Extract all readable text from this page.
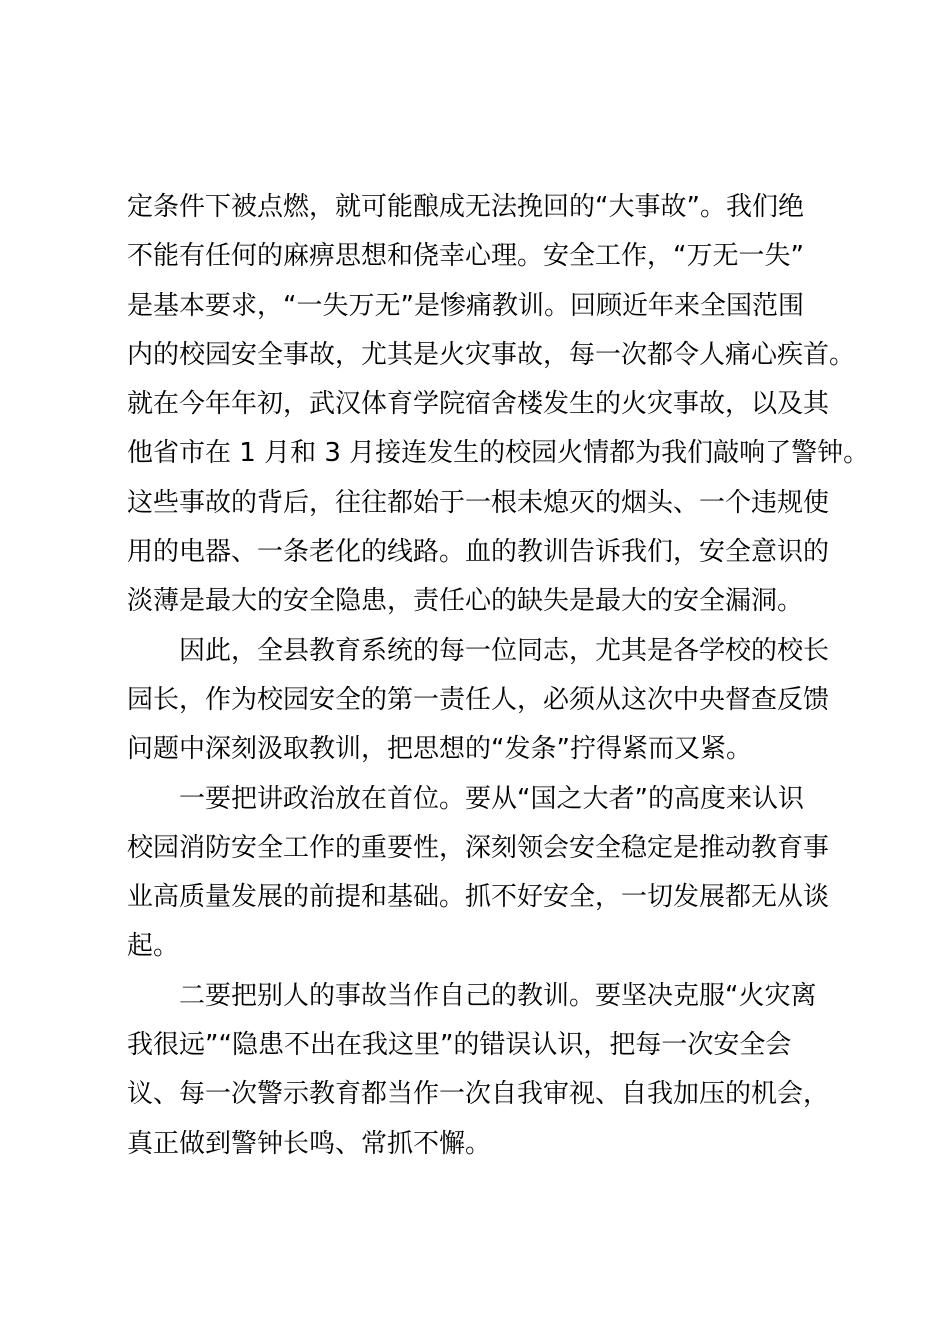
定条件下被点燃，就可能酿成无法挽回的“大事故”。我们绝
不能有任何的麻痹思想和侥幸心理。安全工作，“万无一失”
是基本要求，“一失万无”是惨痛教训。回顾近年来全国范围
内的校园安全事故，尤其是火灾事故，每一次都令人痛心疾首。
就在今年年初，武汉体育学院宿舍楼发生的火灾事故，以及其
他省市在 1 月和 3 月接连发生的校园火情都为我们敲响了警钟。
这些事故的背后，往往都始于一根未熄灭的烟头、一个违规使
用的电器、一条老化的线路。血的教训告诉我们，安全意识的
淡薄是最大的安全隐患，责任心的缺失是最大的安全漏洞。

因此，全县教育系统的每一位同志，尤其是各学校的校长
园长，作为校园安全的第一责任人，必须从这次中央督查反馈
问题中深刻汲取教训，把思想的“发条”拧得紧而又紧。

一要把讲政治放在首位。要从“国之大者”的高度来认识
校园消防安全工作的重要性，深刻领会安全稳定是推动教育事
业高质量发展的前提和基础。抓不好安全，一切发展都无从谈
起。

二要把别人的事故当作自己的教训。要坚决克服“火灾离
我很远”“隐患不出在我这里”的错误认识，把每一次安全会
议、每一次警示教育都当作一次自我审视、自我加压的机会，
真正做到警钟长鸣、常抓不懈。
